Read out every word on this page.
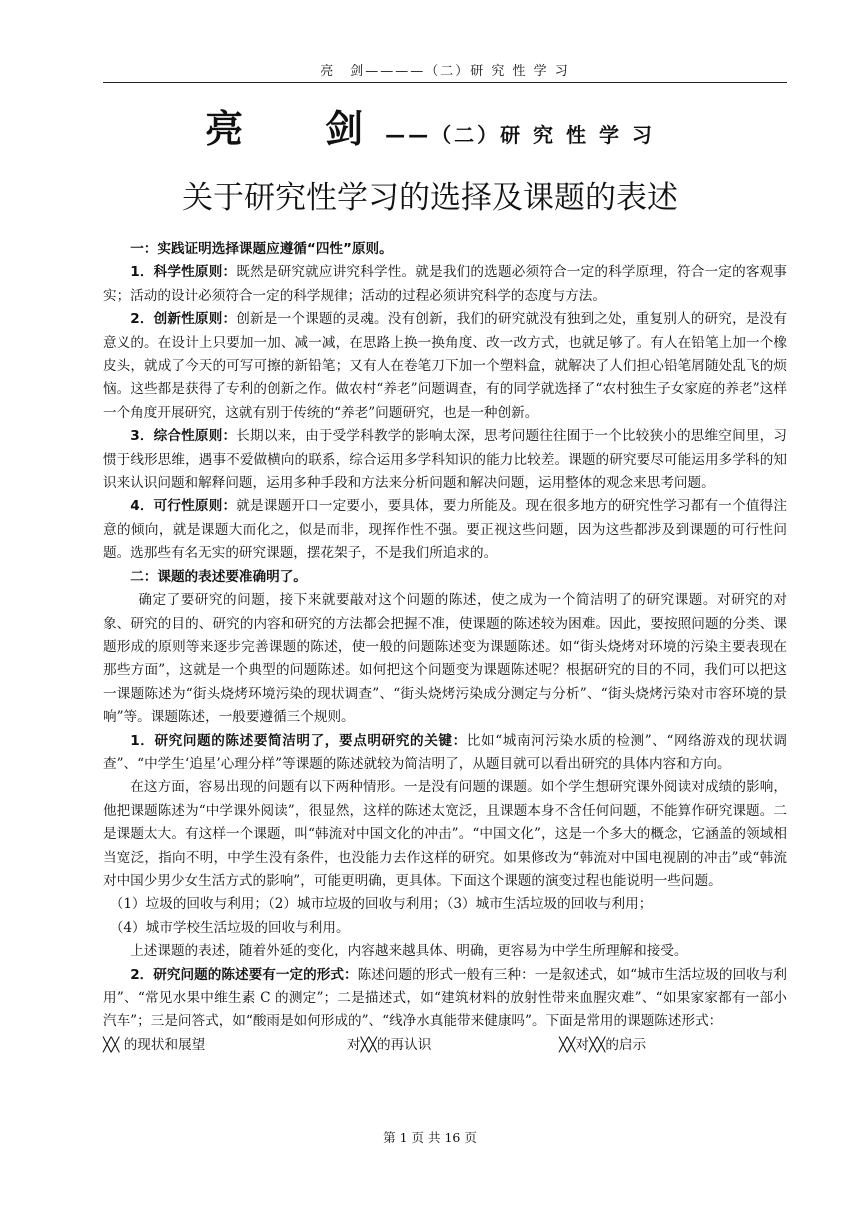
亮　剑————（二）研 究 性 学 习
亮　剑——（二）研 究 性 学 习
关于研究性学习的选择及课题的表述

一：实践证明选择课题应遵循“四性”原则。

1．科学性原则：既然是研究就应讲究科学性。就是我们的选题必须符合一定的科学原理，符合一定的客观事实；活动的设计必须符合一定的科学规律；活动的过程必须讲究科学的态度与方法。

2．创新性原则：创新是一个课题的灵魂。没有创新，我们的研究就没有独到之处，重复别人的研究，是没有意义的。在设计上只要加一加、减一减，在思路上换一换角度、改一改方式，也就足够了。有人在铅笔上加一个橡皮头，就成了今天的可写可擦的新铅笔；又有人在卷笔刀下加一个塑料盒，就解决了人们担心铅笔屑随处乱飞的烦恼。这些都是获得了专利的创新之作。做农村“养老”问题调查，有的同学就选择了“农村独生子女家庭的养老”这样一个角度开展研究，这就有别于传统的“养老”问题研究，也是一种创新。

3．综合性原则：长期以来，由于受学科教学的影响太深，思考问题往往囿于一个比较狭小的思维空间里，习惯于线形思维，遇事不爱做横向的联系，综合运用多学科知识的能力比较差。课题的研究要尽可能运用多学科的知识来认识问题和解释问题，运用多种手段和方法来分析问题和解决问题，运用整体的观念来思考问题。

4．可行性原则：就是课题开口一定要小，要具体，要力所能及。现在很多地方的研究性学习都有一个值得注意的倾向，就是课题大而化之，似是而非，现挥作性不强。要正视这些问题，因为这些都涉及到课题的可行性问题。选那些有名无实的研究课题，摆花架子，不是我们所追求的。

二：课题的表述要准确明了。

确定了要研究的问题，接下来就要敲对这个问题的陈述，使之成为一个简洁明了的研究课题。对研究的对象、研究的目的、研究的内容和研究的方法都会把握不准，使课题的陈述较为困难。因此，要按照问题的分类、课题形成的原则等来逐步完善课题的陈述，使一般的问题陈述变为课题陈述。如“街头烧烤对环境的污染主要表现在那些方面”，这就是一个典型的问题陈述。如何把这个问题变为课题陈述呢？根据研究的目的不同，我们可以把这一课题陈述为“街头烧烤环境污染的现状调查”、“街头烧烤污染成分测定与分析”、“街头烧烤污染对市容环境的景响”等。课题陈述，一般要遵循三个规则。

1．研究问题的陈述要简洁明了，要点明研究的关键：比如“城南河污染水质的检测”、“网络游戏的现状调查”、“中学生‘追星’心理分样”等课题的陈述就较为简洁明了，从题目就可以看出研究的具体内容和方向。

在这方面，容易出现的问题有以下两种情形。一是没有问题的课题。如个学生想研究课外阅读对成绩的影响，他把课题陈述为“中学课外阅读”，很显然，这样的陈述太宽泛，且课题本身不含任何问题，不能算作研究课题。二是课题太大。有这样一个课题，叫“韩流对中国文化的冲击”。“中国文化”，这是一个多大的概念，它涵盖的领域相当宽泛，指向不明，中学生没有条件，也没能力去作这样的研究。如果修改为“韩流对中国电视剧的冲击”或“韩流对中国少男少女生活方式的影响”，可能更明确，更具体。下面这个课题的演变过程也能说明一些问题。

（1）垃圾的回收与利用；（2）城市垃圾的回收与利用；（3）城市生活垃圾的回收与利用；

（4）城市学校生活垃圾的回收与利用。

上述课题的表述，随着外延的变化，内容越来越具体、明确，更容易为中学生所理解和接受。

2．研究问题的陈述要有一定的形式：陈述问题的形式一般有三种：一是叙述式，如“城市生活垃圾的回收与利用”、“常见水果中维生素 C 的测定”；二是描述式，如“建筑材料的放射性带来血腥灾难”、“如果家家都有一部小汽车”；三是问答式，如“酸雨是如何形成的”、“线净水真能带来健康吗”。下面是常用的课题陈述形式：

╳╳ 的现状和展望	对╳╳的再认识	╳╳对╳╳的启示
第 1 页 共 16 页
